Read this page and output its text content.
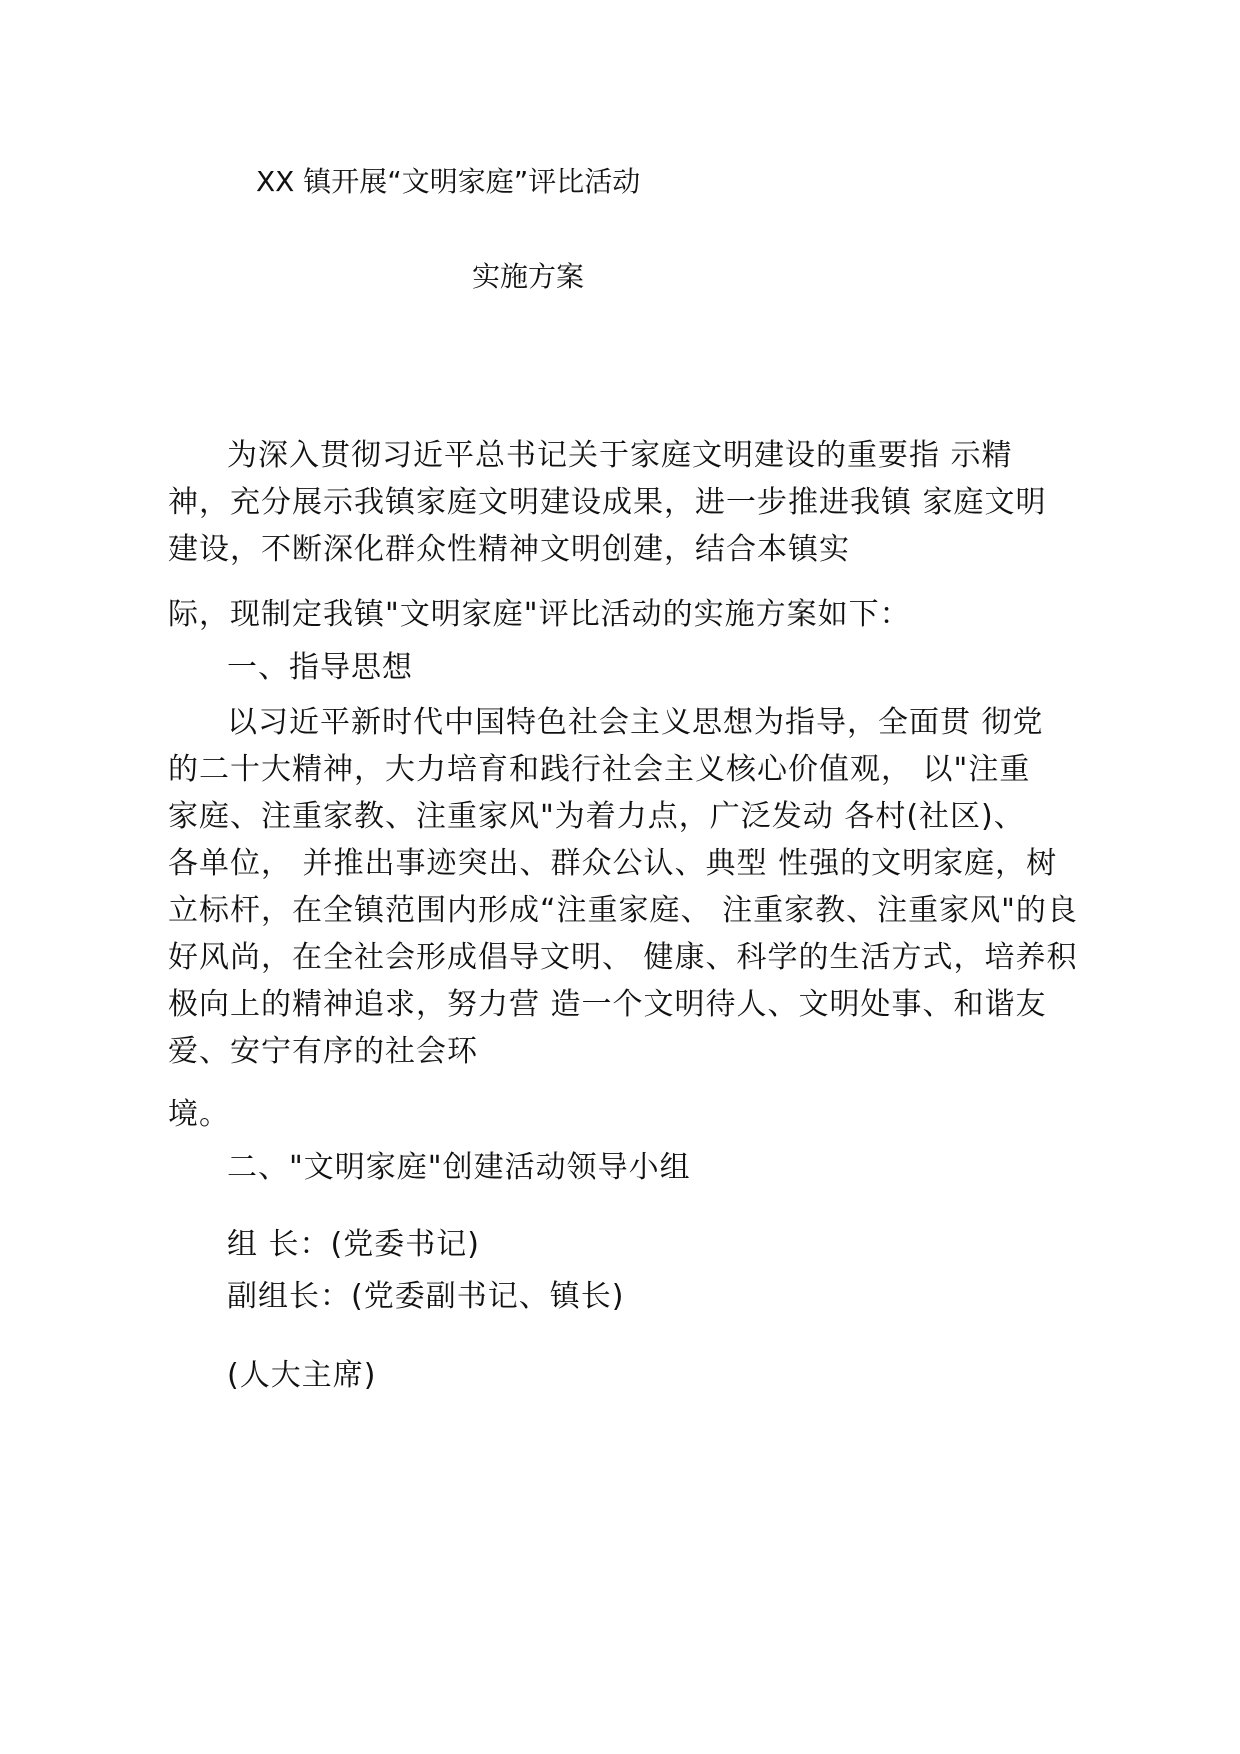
XX 镇开展“文明家庭”评比活动
实施方案
为深入贯彻习近平总书记关于家庭文明建设的重要指 示精
神，充分展示我镇家庭文明建设成果，进一步推进我镇 家庭文明
建设，不断深化群众性精神文明创建，结合本镇实
际，现制定我镇"文明家庭"评比活动的实施方案如下：
一、指导思想
以习近平新时代中国特色社会主义思想为指导，全面贯 彻党
的二十大精神，大力培育和践行社会主义核心价值观， 以"注重
家庭、注重家教、注重家风"为着力点，广泛发动 各村(社区)、
各单位， 并推出事迹突出、群众公认、典型 性强的文明家庭，树
立标杆，在全镇范围内形成“注重家庭、 注重家教、注重家风"的良
好风尚，在全社会形成倡导文明、 健康、科学的生活方式，培养积
极向上的精神追求，努力营 造一个文明待人、文明处事、和谐友
爱、安宁有序的社会环
境。
二、"文明家庭"创建活动领导小组
组 长：(党委书记)
副组长：(党委副书记、镇长)
(人大主席)
